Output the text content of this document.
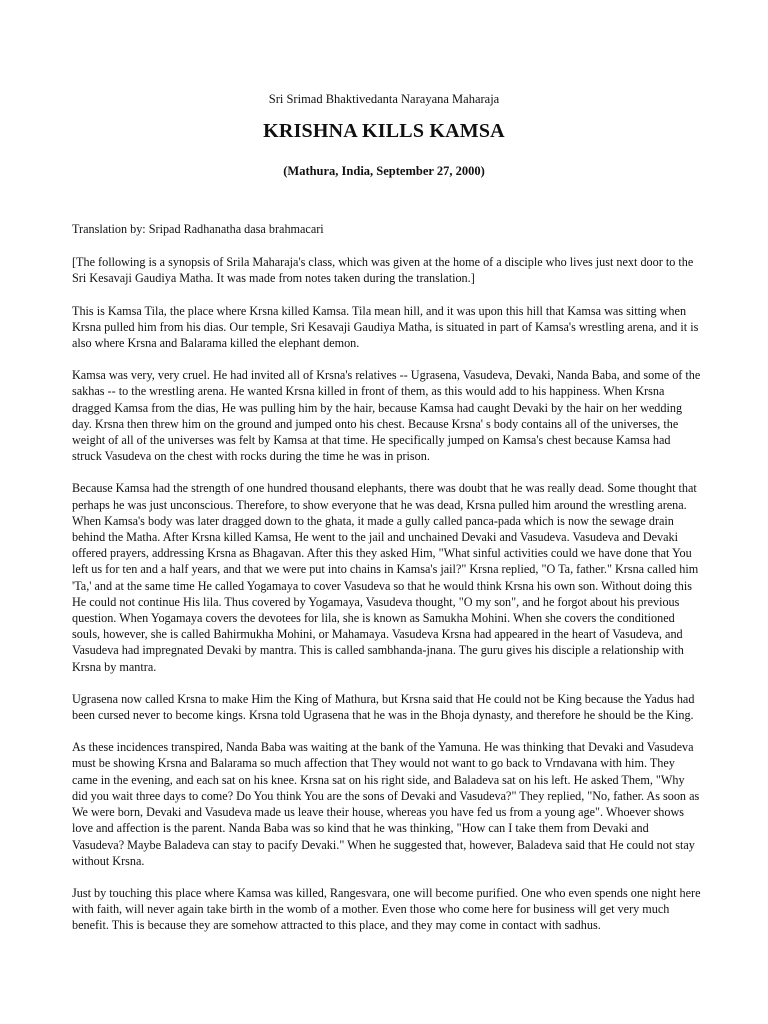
Sri Srimad Bhaktivedanta Narayana Maharaja
KRISHNA KILLS KAMSA
(Mathura, India, September 27, 2000)

Translation by: Sripad Radhanatha dasa brahmacari

[The following is a synopsis of Srila Maharaja's class, which was given at the home of a disciple who lives just next door to the Sri Kesavaji Gaudiya Matha. It was made from notes taken during the translation.]

This is Kamsa Tila, the place where Krsna killed Kamsa. Tila mean hill, and it was upon this hill that Kamsa was sitting when Krsna pulled him from his dias. Our temple, Sri Kesavaji Gaudiya Matha, is situated in part of Kamsa's wrestling arena, and it is also where Krsna and Balarama killed the elephant demon.

Kamsa was very, very cruel. He had invited all of Krsna's relatives -- Ugrasena, Vasudeva, Devaki, Nanda Baba, and some of the sakhas -- to the wrestling arena. He wanted Krsna killed in front of them, as this would add to his happiness. When Krsna dragged Kamsa from the dias, He was pulling him by the hair, because Kamsa had caught Devaki by the hair on her wedding day. Krsna then threw him on the ground and jumped onto his chest. Because Krsna' s body contains all of the universes, the weight of all of the universes was felt by Kamsa at that time. He specifically jumped on Kamsa's chest because Kamsa had struck Vasudeva on the chest with rocks during the time he was in prison.

Because Kamsa had the strength of one hundred thousand elephants, there was doubt that he was really dead. Some thought that perhaps he was just unconscious. Therefore, to show everyone that he was dead, Krsna pulled him around the wrestling arena. When Kamsa's body was later dragged down to the ghata, it made a gully called panca-pada which is now the sewage drain behind the Matha. After Krsna killed Kamsa, He went to the jail and unchained Devaki and Vasudeva. Vasudeva and Devaki offered prayers, addressing Krsna as Bhagavan. After this they asked Him, "What sinful activities could we have done that You left us for ten and a half years, and that we were put into chains in Kamsa's jail?" Krsna replied, "O Ta, father." Krsna called him 'Ta,' and at the same time He called Yogamaya to cover Vasudeva so that he would think Krsna his own son. Without doing this He could not continue His lila. Thus covered by Yogamaya, Vasudeva thought, "O my son", and he forgot about his previous question. When Yogamaya covers the devotees for lila, she is known as Samukha Mohini. When she covers the conditioned souls, however, she is called Bahirmukha Mohini, or Mahamaya. Vasudeva Krsna had appeared in the heart of Vasudeva, and Vasudeva had impregnated Devaki by mantra. This is called sambhanda-jnana. The guru gives his disciple a relationship with Krsna by mantra.

Ugrasena now called Krsna to make Him the King of Mathura, but Krsna said that He could not be King because the Yadus had been cursed never to become kings. Krsna told Ugrasena that he was in the Bhoja dynasty, and therefore he should be the King.

As these incidences transpired, Nanda Baba was waiting at the bank of the Yamuna. He was thinking that Devaki and Vasudeva must be showing Krsna and Balarama so much affection that They would not want to go back to Vrndavana with him. They came in the evening, and each sat on his knee. Krsna sat on his right side, and Baladeva sat on his left. He asked Them, "Why did you wait three days to come? Do You think You are the sons of Devaki and Vasudeva?" They replied, "No, father. As soon as We were born, Devaki and Vasudeva made us leave their house, whereas you have fed us from a young age". Whoever shows love and affection is the parent. Nanda Baba was so kind that he was thinking, "How can I take them from Devaki and Vasudeva? Maybe Baladeva can stay to pacify Devaki." When he suggested that, however, Baladeva said that He could not stay without Krsna.

Just by touching this place where Kamsa was killed, Rangesvara, one will become purified. One who even spends one night here with faith, will never again take birth in the womb of a mother. Even those who come here for business will get very much benefit. This is because they are somehow attracted to this place, and they may come in contact with sadhus.
